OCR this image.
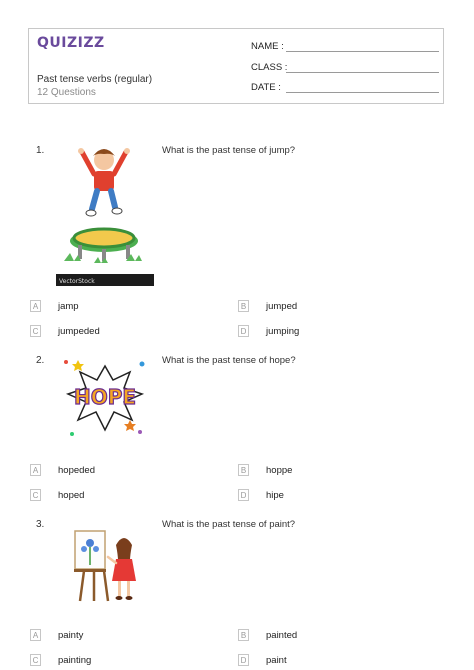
QUIZIZZ
Past tense verbs (regular)
12 Questions
NAME :
CLASS :
DATE :
1.	What is the past tense of jump?
VectorStock
A jamp	B jumped
C jumpeded	D jumping
2.	What is the past tense of hope?
HOPE
A hopeded	B hoppe
C hoped	D hipe
3.	What is the past tense of paint?
A painty	B painted
C painting	D paint
